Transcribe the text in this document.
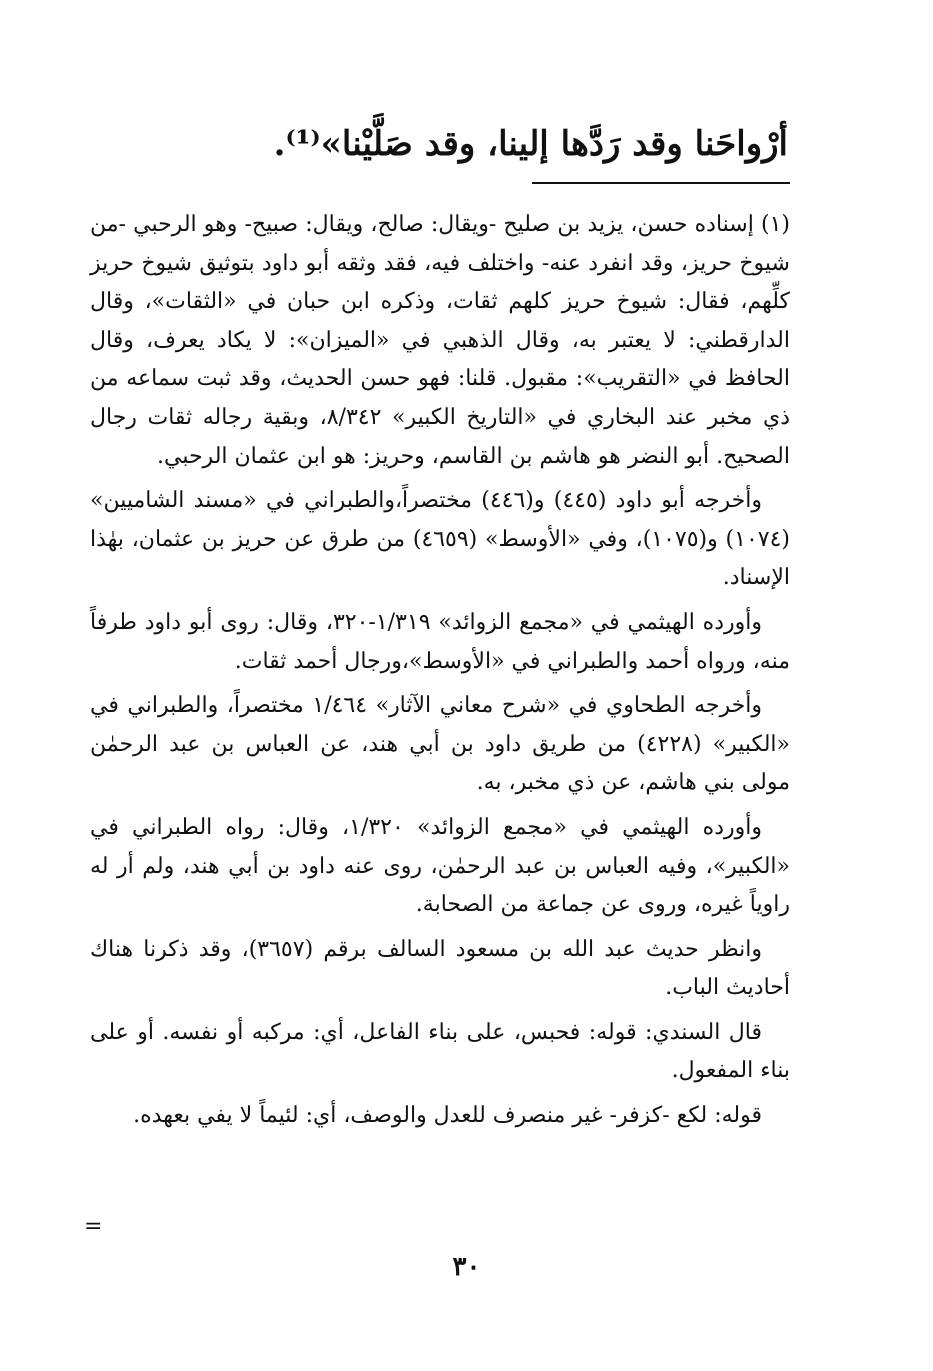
أرْواحَنا وقد رَدَّها إلينا، وقد صَلَّيْنا»⁽¹⁾.

(١) إسناده حسن، يزيد بن صليح -ويقال: صالح، ويقال: صبيح- وهو الرحبي -من شيوخ حريز، وقد انفرد عنه- واختلف فيه، فقد وثقه أبو داود بتوثيق شيوخ حريز كلِّهم، فقال: شيوخ حريز كلهم ثقات، وذكره ابن حبان في «الثقات»، وقال الدارقطني: لا يعتبر به، وقال الذهبي في «الميزان»: لا يكاد يعرف، وقال الحافظ في «التقريب»: مقبول. قلنا: فهو حسن الحديث، وقد ثبت سماعه من ذي مخبر عند البخاري في «التاريخ الكبير» ٨/٣٤٢، وبقية رجاله ثقات رجال الصحيح. أبو النضر هو هاشم بن القاسم، وحريز: هو ابن عثمان الرحبي.

وأخرجه أبو داود (٤٤٥) و(٤٤٦) مختصراً،والطبراني في «مسند الشاميين» (١٠٧٤) و(١٠٧٥)، وفي «الأوسط» (٤٦٥٩) من طرق عن حريز بن عثمان، بهٰذا الإسناد.

وأورده الهيثمي في «مجمع الزوائد» ١/٣١٩-٣٢٠، وقال: روى أبو داود طرفاً منه، ورواه أحمد والطبراني في «الأوسط»،ورجال أحمد ثقات.

وأخرجه الطحاوي في «شرح معاني الآثار» ١/٤٦٤ مختصراً، والطبراني في «الكبير» (٤٢٢٨) من طريق داود بن أبي هند، عن العباس بن عبد الرحمٰن مولى بني هاشم، عن ذي مخبر، به.

وأورده الهيثمي في «مجمع الزوائد» ١/٣٢٠، وقال: رواه الطبراني في «الكبير»، وفيه العباس بن عبد الرحمٰن، روى عنه داود بن أبي هند، ولم أر له راوياً غيره، وروى عن جماعة من الصحابة.

وانظر حديث عبد الله بن مسعود السالف برقم (٣٦٥٧)، وقد ذكرنا هناك أحاديث الباب.

قال السندي: قوله: فحبس، على بناء الفاعل، أي: مركبه أو نفسه. أو على بناء المفعول.

قوله: لكع -كزفر- غير منصرف للعدل والوصف، أي: لئيماً لا يفي بعهده.

=
٣٠
